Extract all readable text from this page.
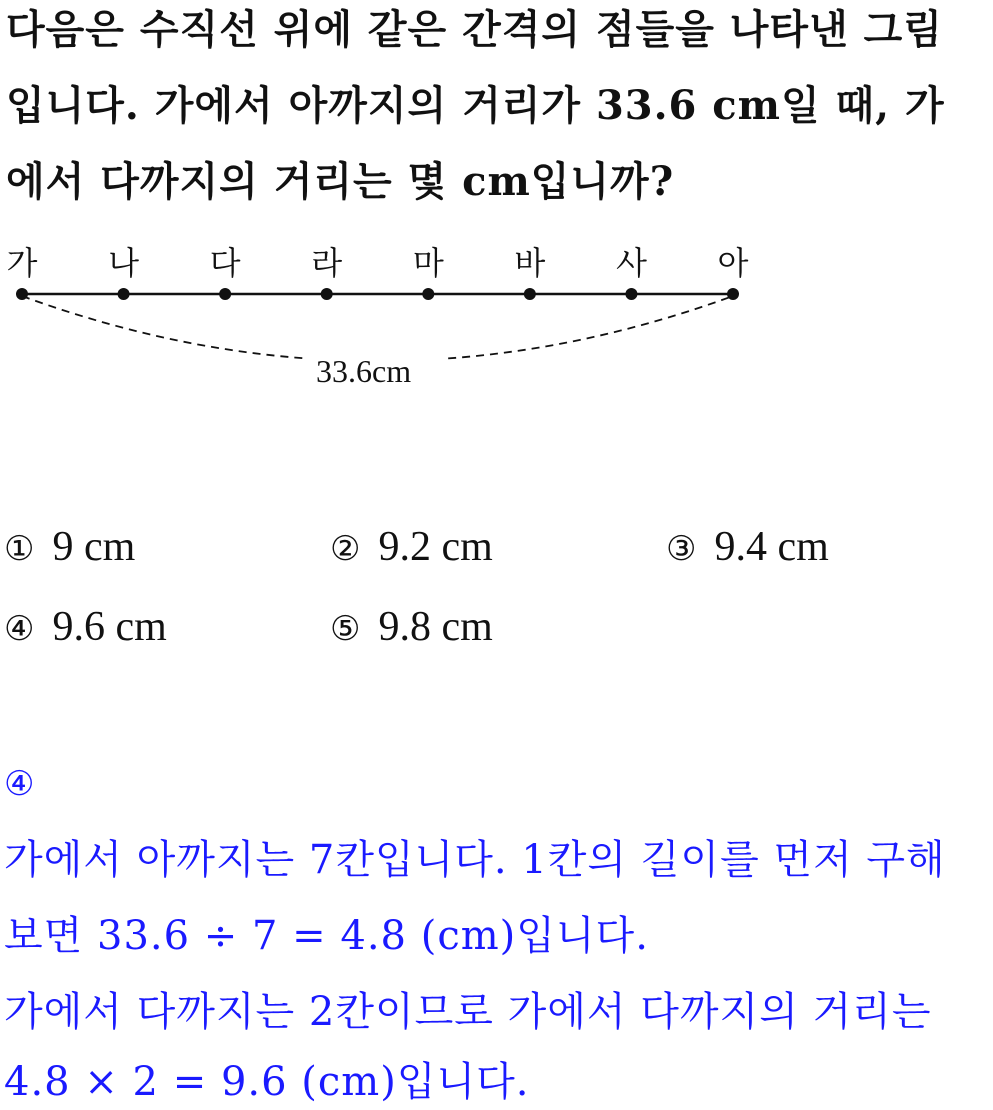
다음은 수직선 위에 같은 간격의 점들을 나타낸 그림
입니다. 가에서 아까지의 거리가 33.6 cm일 때, 가
에서 다까지의 거리는 몇 cm입니까?
가 나 다 라 마 바 사 아
33.6cm
① 9 cm	② 9.2 cm	③ 9.4 cm
④ 9.6 cm	⑤ 9.8 cm
④
가에서 아까지는 7칸입니다. 1칸의 길이를 먼저 구해
보면 33.6 ÷ 7 = 4.8 (cm)입니다.
가에서 다까지는 2칸이므로 가에서 다까지의 거리는
4.8 × 2 = 9.6 (cm)입니다.
